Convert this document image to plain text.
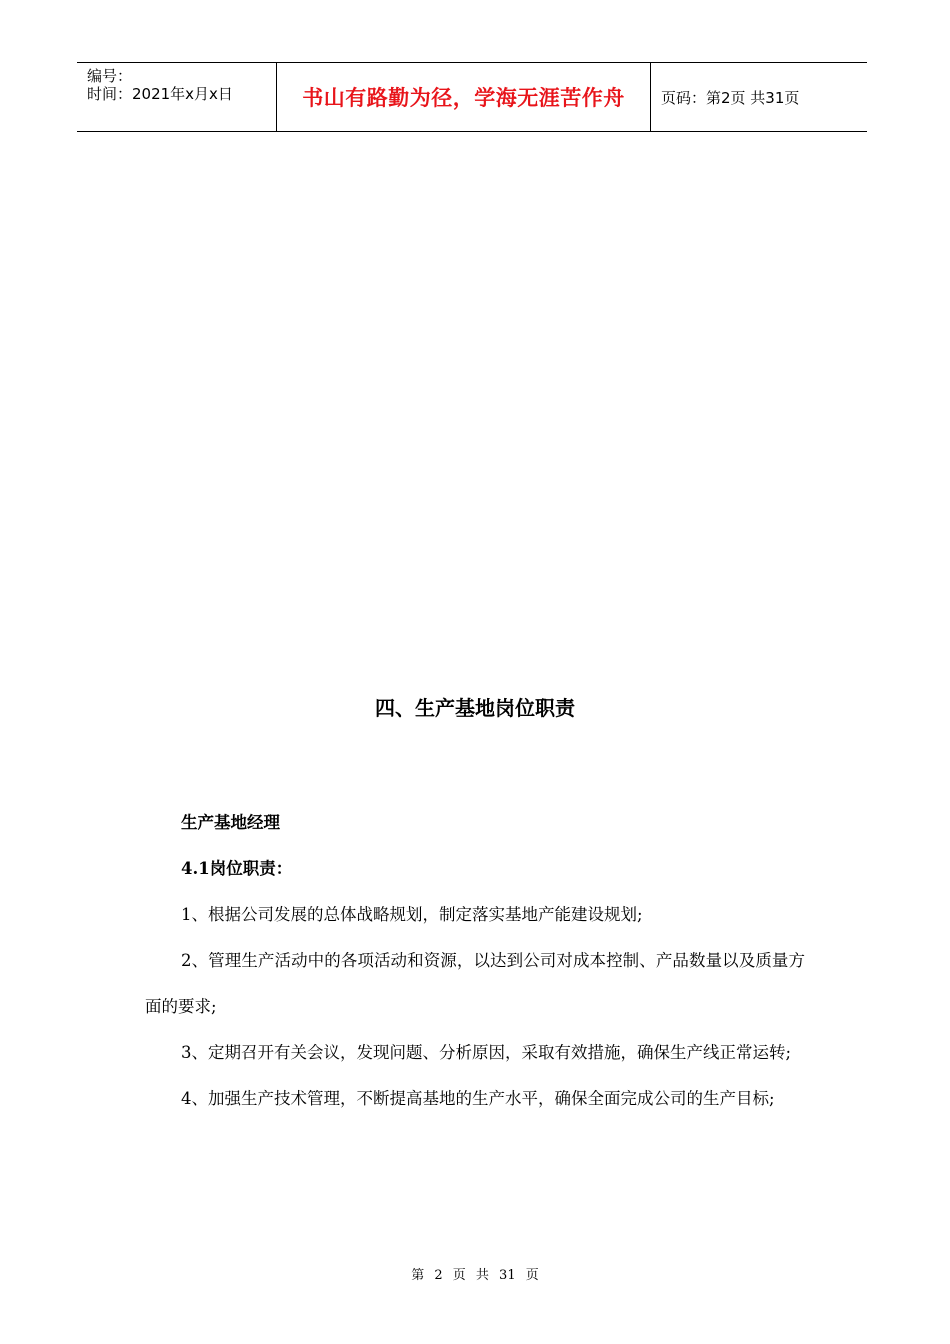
编号：
时间：2021年x月x日	书山有路勤为径，学海无涯苦作舟	页码：第2页 共31页
四、生产基地岗位职责
生产基地经理
4.1岗位职责：

1、根据公司发展的总体战略规划，制定落实基地产能建设规划;

2、管理生产活动中的各项活动和资源，以达到公司对成本控制、产品数量以及质量方面的要求;

3、定期召开有关会议，发现问题、分析原因，采取有效措施，确保生产线正常运转;

4、加强生产技术管理，不断提高基地的生产水平，确保全面完成公司的生产目标;

第 2 页 共 31 页
